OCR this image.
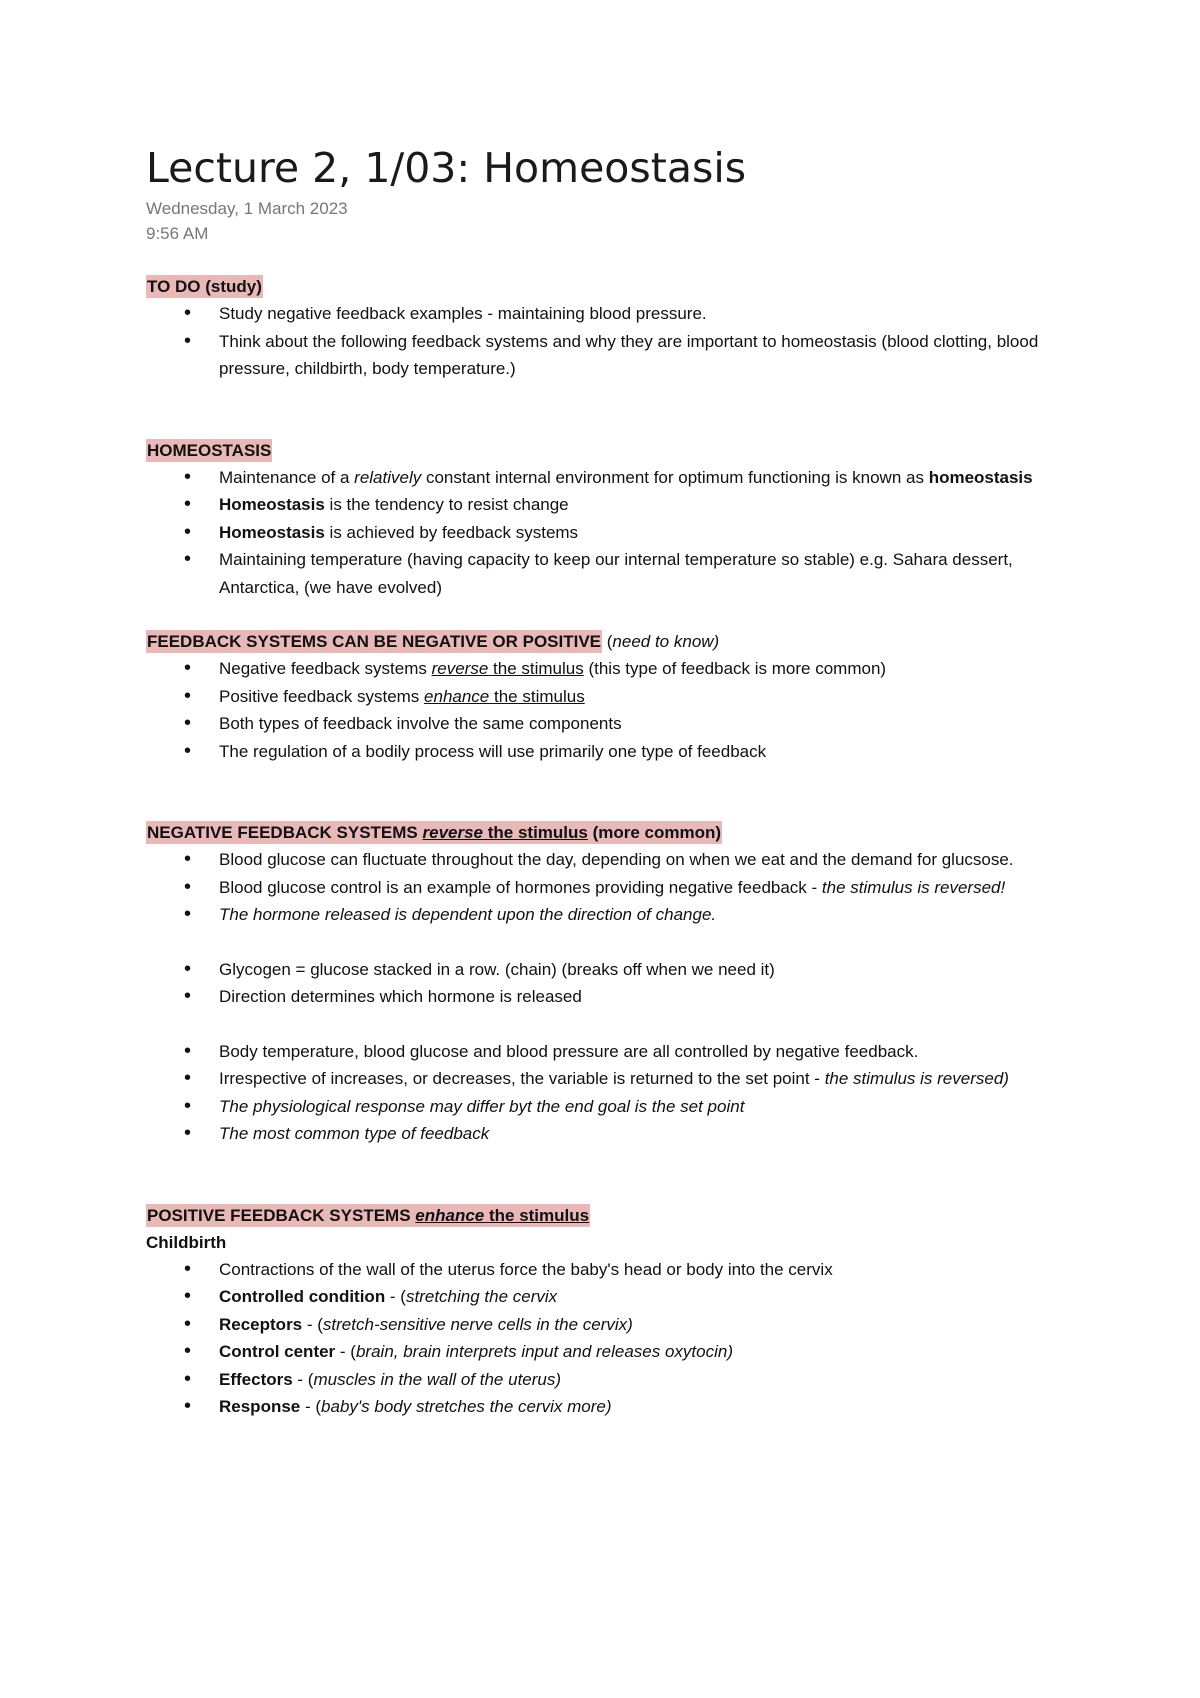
Lecture 2, 1/03: Homeostasis
Wednesday, 1 March 2023
9:56 AM
TO DO (study)
• Study negative feedback examples - maintaining blood pressure.
• Think about the following feedback systems and why they are important to homeostasis (blood clotting, blood pressure, childbirth, body temperature.)
HOMEOSTASIS
• Maintenance of a relatively constant internal environment for optimum functioning is known as homeostasis
• Homeostasis is the tendency to resist change
• Homeostasis is achieved by feedback systems
• Maintaining temperature (having capacity to keep our internal temperature so stable) e.g. Sahara dessert, Antarctica, (we have evolved)
FEEDBACK SYSTEMS CAN BE NEGATIVE OR POSITIVE (need to know)
• Negative feedback systems reverse the stimulus (this type of feedback is more common)
• Positive feedback systems enhance the stimulus
• Both types of feedback involve the same components
• The regulation of a bodily process will use primarily one type of feedback
NEGATIVE FEEDBACK SYSTEMS reverse the stimulus (more common)
• Blood glucose can fluctuate throughout the day, depending on when we eat and the demand for glucsose.
• Blood glucose control is an example of hormones providing negative feedback - the stimulus is reversed!
• The hormone released is dependent upon the direction of change.
• Glycogen = glucose stacked in a row. (chain) (breaks off when we need it)
• Direction determines which hormone is released
• Body temperature, blood glucose and blood pressure are all controlled by negative feedback.
• Irrespective of increases, or decreases, the variable is returned to the set point - the stimulus is reversed)
• The physiological response may differ byt the end goal is the set point
• The most common type of feedback
POSITIVE FEEDBACK SYSTEMS enhance the stimulus
Childbirth
• Contractions of the wall of the uterus force the baby's head or body into the cervix
• Controlled condition - (stretching the cervix
• Receptors - (stretch-sensitive nerve cells in the cervix)
• Control center - (brain, brain interprets input and releases oxytocin)
• Effectors - (muscles in the wall of the uterus)
• Response - (baby's body stretches the cervix more)
